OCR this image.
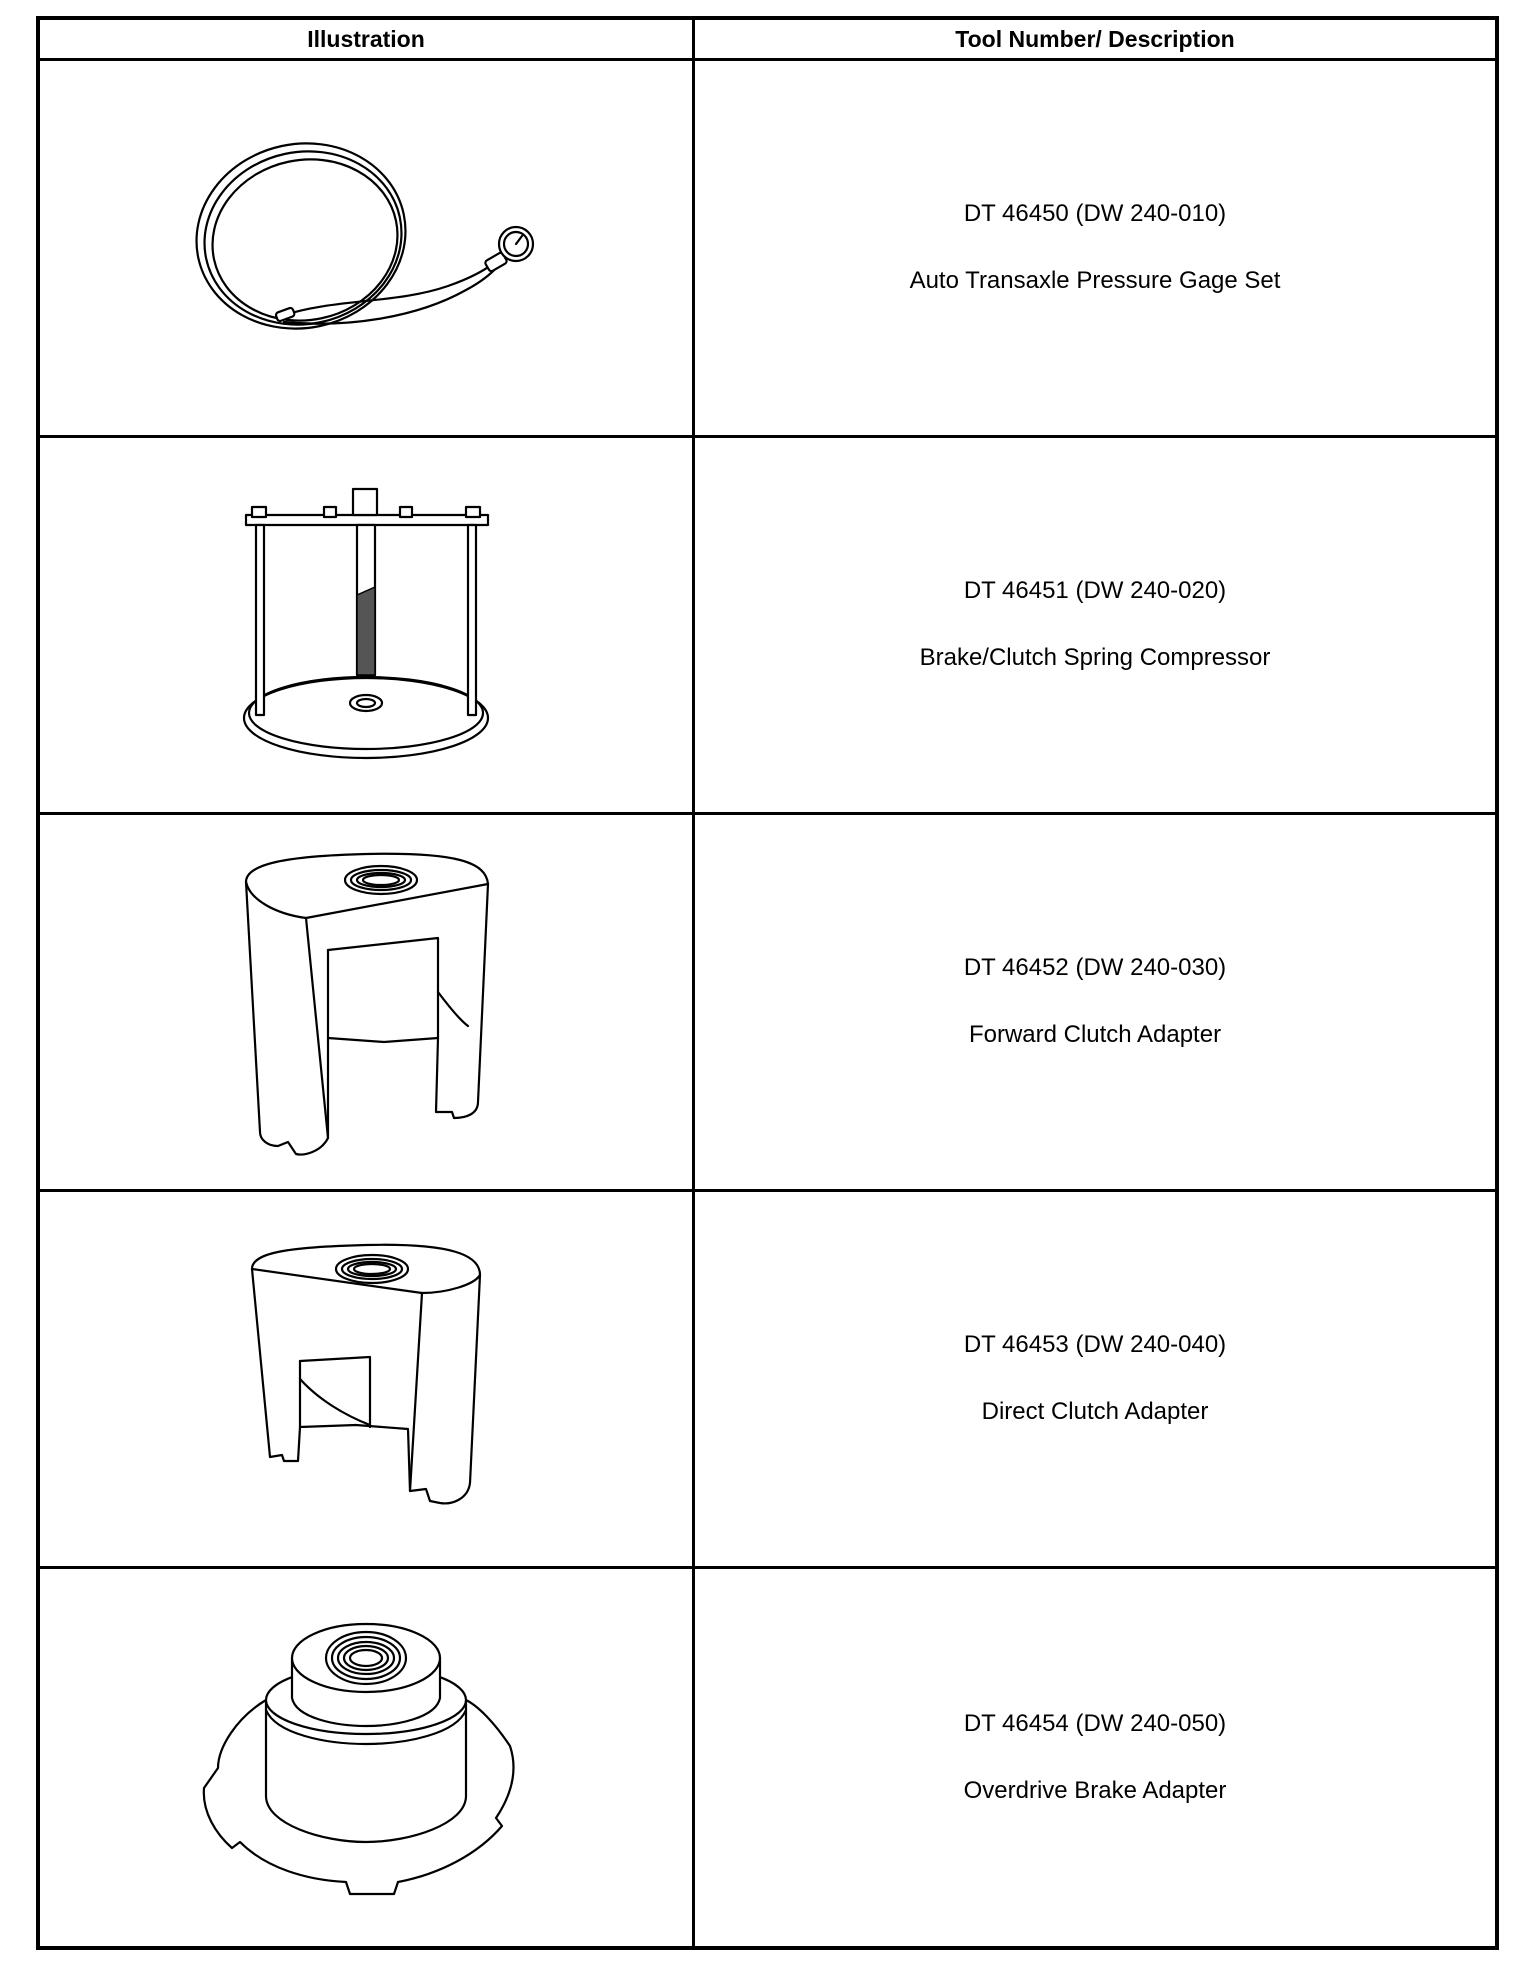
Illustration	Tool Number/ Description
DT 46450 (DW 240-010)
Auto Transaxle Pressure Gage Set
DT 46451 (DW 240-020)
Brake/Clutch Spring Compressor
DT 46452 (DW 240-030)
Forward Clutch Adapter
DT 46453 (DW 240-040)
Direct Clutch Adapter
DT 46454 (DW 240-050)
Overdrive Brake Adapter
